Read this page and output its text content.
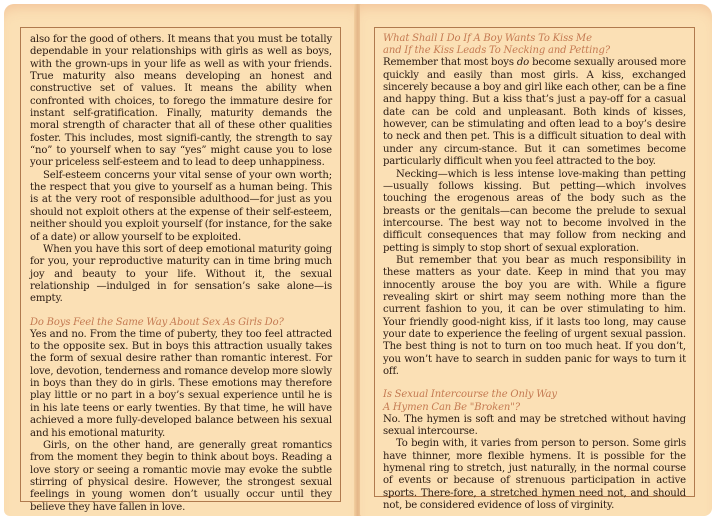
also for the good of others. It means that you must be totally dependable in your relationships with girls as well as boys, with the grown-ups in your life as well as with your friends. True maturity also means developing an honest and constructive set of values. It means the ability when confronted with choices, to forego the immature desire for instant self-gratification. Finally, maturity demands the moral strength of character that all of these other qualities foster. This includes, most signifi-cantly, the strength to say “no” to yourself when to say “yes” might cause you to lose your priceless self-esteem and to lead to deep unhappiness.

Self-esteem concerns your vital sense of your own worth; the respect that you give to yourself as a human being. This is at the very root of responsible adulthood—for just as you should not exploit others at the expense of their self-esteem, neither should you exploit yourself (for instance, for the sake of a date) or allow yourself to be exploited.

When you have this sort of deep emotional maturity going for you, your reproductive maturity can in time bring much joy and beauty to your life. Without it, the sexual relationship —indulged in for sensation’s sake alone—is empty.

Do Boys Feel the Same Way About Sex As Girls Do?

Yes and no. From the time of puberty, they too feel attracted to the opposite sex. But in boys this attraction usually takes the form of sexual desire rather than romantic interest. For love, devotion, tenderness and romance develop more slowly in boys than they do in girls. These emotions may therefore play little or no part in a boy’s sexual experience until he is in his late teens or early twenties. By that time, he will have achieved a more fully-developed balance between his sexual and his emotional maturity.

Girls, on the other hand, are generally great romantics from the moment they begin to think about boys. Reading a love story or seeing a romantic movie may evoke the subtle stirring of physical desire. However, the strongest sexual feelings in young women don’t usually occur until they believe they have fallen in love.

What Shall I Do If A Boy Wants To Kiss Me
and If the Kiss Leads To Necking and Petting?

Remember that most boys do become sexually aroused more quickly and easily than most girls. A kiss, exchanged sincerely because a boy and girl like each other, can be a fine and happy thing. But a kiss that’s just a pay-off for a casual date can be cold and unpleasant. Both kinds of kisses, however, can be stimulating and often lead to a boy’s desire to neck and then pet. This is a difficult situation to deal with under any circum-stance. But it can sometimes become particularly difficult when you feel attracted to the boy.

Necking—which is less intense love-making than petting—usually follows kissing. But petting—which involves touching the erogenous areas of the body such as the breasts or the genitals—can become the prelude to sexual intercourse. The best way not to become involved in the difficult consequences that may follow from necking and petting is simply to stop short of sexual exploration.

But remember that you bear as much responsibility in these matters as your date. Keep in mind that you may innocently arouse the boy you are with. While a figure revealing skirt or shirt may seem nothing more than the current fashion to you, it can be over stimulating to him. Your friendly good-night kiss, if it lasts too long, may cause your date to experience the feeling of urgent sexual passion. The best thing is not to turn on too much heat. If you don’t, you won’t have to search in sudden panic for ways to turn it off.

Is Sexual Intercourse the Only Way
A Hymen Can Be "Broken"?

No. The hymen is soft and may be stretched without having sexual intercourse.

To begin with, it varies from person to person. Some girls have thinner, more flexible hymens. It is possible for the hymenal ring to stretch, just naturally, in the normal course of events or because of strenuous participation in active sports. There-fore, a stretched hymen need not, and should not, be considered evidence of loss of virginity.
